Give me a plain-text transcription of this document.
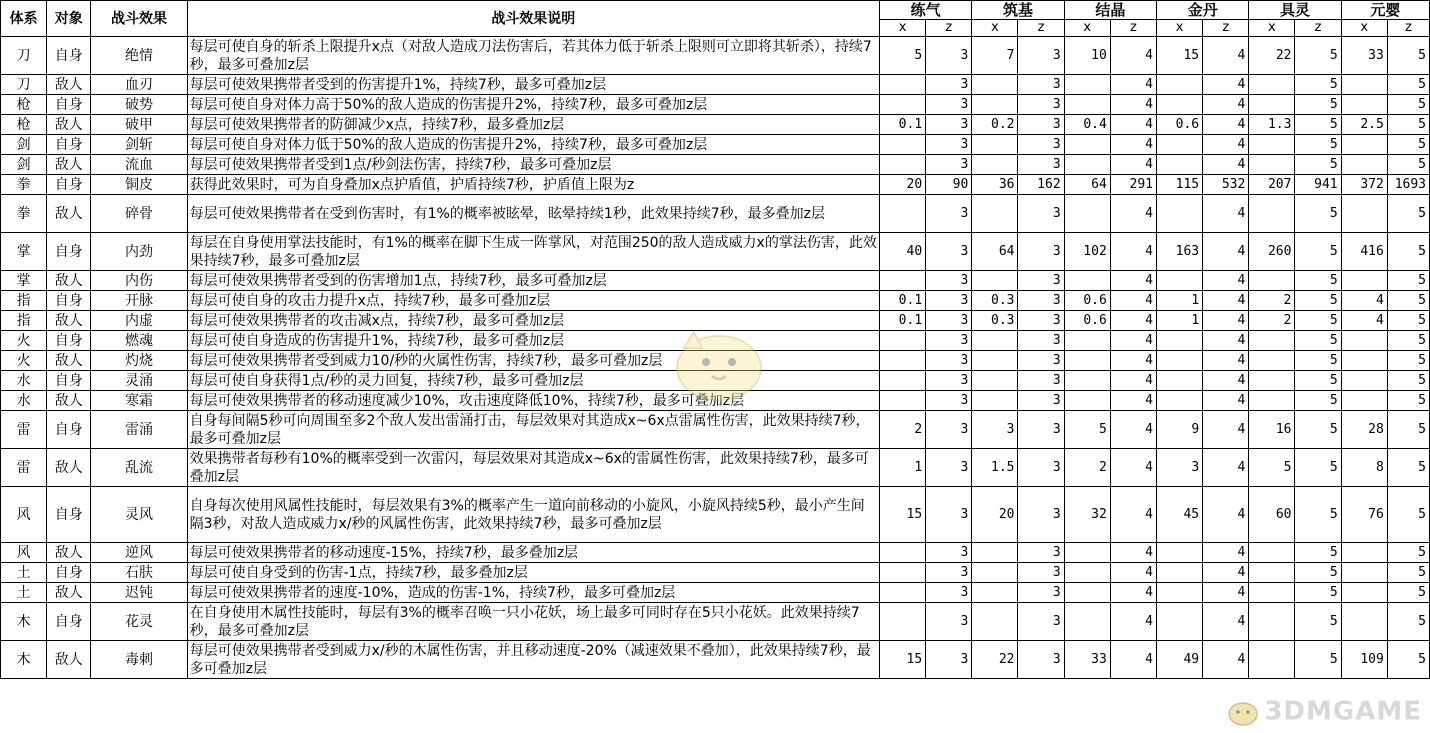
体系	对象	战斗效果	战斗效果说明	练气		筑基		结晶		金丹		具灵		元婴	
				x	z	x	z	x	z	x	z	x	z	x	z
刀	自身	绝情	每层可使自身的斩杀上限提升x点（对敌人造成刀法伤害后，若其体力低于斩杀上限则可立即将其斩杀），持续7秒，最多可叠加z层	5	3	7	3	10	4	15	4	22	5	33	5
刀	敌人	血刃	每层可使效果携带者受到的伤害提升1%，持续7秒，最多可叠加z层		3		3		4		4		5		5
枪	自身	破势	每层可使自身对体力高于50%的敌人造成的伤害提升2%，持续7秒，最多可叠加z层		3		3		4		4		5		5
枪	敌人	破甲	每层可使效果携带者的防御减少x点，持续7秒，最多叠加z层	0.1	3	0.2	3	0.4	4	0.6	4	1.3	5	2.5	5
剑	自身	剑斩	每层可使自身对体力低于50%的敌人造成的伤害提升2%，持续7秒，最多可叠加z层		3		3		4		4		5		5
剑	敌人	流血	每层可使效果携带者受到1点/秒剑法伤害，持续7秒，最多可叠加z层		3		3		4		4		5		5
拳	自身	铜皮	获得此效果时，可为自身叠加x点护盾值，护盾持续7秒，护盾值上限为z	20	90	36	162	64	291	115	532	207	941	372	1693
拳	敌人	碎骨	每层可使效果携带者在受到伤害时，有1%的概率被眩晕，眩晕持续1秒，此效果持续7秒，最多叠加z层		3		3		4		4		5		5
掌	自身	内劲	每层在自身使用掌法技能时，有1%的概率在脚下生成一阵掌风，对范围250的敌人造成威力x的掌法伤害，此效果持续7秒，最多可叠加z层	40	3	64	3	102	4	163	4	260	5	416	5
掌	敌人	内伤	每层可使效果携带者受到的伤害增加1点，持续7秒，最多可叠加z层		3		3		4		4		5		5
指	自身	开脉	每层可使自身的攻击力提升x点，持续7秒，最多可叠加z层	0.1	3	0.3	3	0.6	4	1	4	2	5	4	5
指	敌人	内虚	每层可使效果携带者的攻击减x点，持续7秒，最多可叠加z层	0.1	3	0.3	3	0.6	4	1	4	2	5	4	5
火	自身	燃魂	每层可使自身造成的伤害提升1%，持续7秒，最多可叠加z层		3		3		4		4		5		5
火	敌人	灼烧	每层可使效果携带者受到威力10/秒的火属性伤害，持续7秒，最多可叠加z层		3		3		4		4		5		5
水	自身	灵涌	每层可使自身获得1点/秒的灵力回复，持续7秒，最多可叠加z层		3		3		4		4		5		5
水	敌人	寒霜	每层可使效果携带者的移动速度减少10%，攻击速度降低10%，持续7秒，最多可叠加z层		3		3		4		4		5		5
雷	自身	雷涌	自身每间隔5秒可向周围至多2个敌人发出雷涌打击，每层效果对其造成x~6x点雷属性伤害，此效果持续7秒，最多可叠加z层	2	3	3	3	5	4	9	4	16	5	28	5
雷	敌人	乱流	效果携带者每秒有10%的概率受到一次雷闪，每层效果对其造成x~6x的雷属性伤害，此效果持续7秒，最多可叠加z层	1	3	1.5	3	2	4	3	4	5	5	8	5
风	自身	灵风	自身每次使用风属性技能时，每层效果有3%的概率产生一道向前移动的小旋风，小旋风持续5秒，最小产生间隔3秒，对敌人造成威力x/秒的风属性伤害，此效果持续7秒，最多可叠加z层	15	3	20	3	32	4	45	4	60	5	76	5
风	敌人	逆风	每层可使效果携带者的移动速度-15%，持续7秒，最多叠加z层		3		3		4		4		5		5
土	自身	石肤	每层可使自身受到的伤害-1点，持续7秒，最多叠加z层		3		3		4		4		5		5
土	敌人	迟钝	每层可使效果携带者的速度-10%，造成的伤害-1%，持续7秒，最多可叠加z层		3		3		4		4		5		5
木	自身	花灵	在自身使用木属性技能时，每层有3%的概率召唤一只小花妖，场上最多可同时存在5只小花妖。此效果持续7秒，最多可叠加z层		3		3		4		4		5		5
木	敌人	毒刺	每层可使效果携带者受到威力x/秒的木属性伤害，并且移动速度-20%（减速效果不叠加），此效果持续7秒，最多可叠加z层	15	3	22	3	33	4	49	4		5	109	5
3DMGAME
